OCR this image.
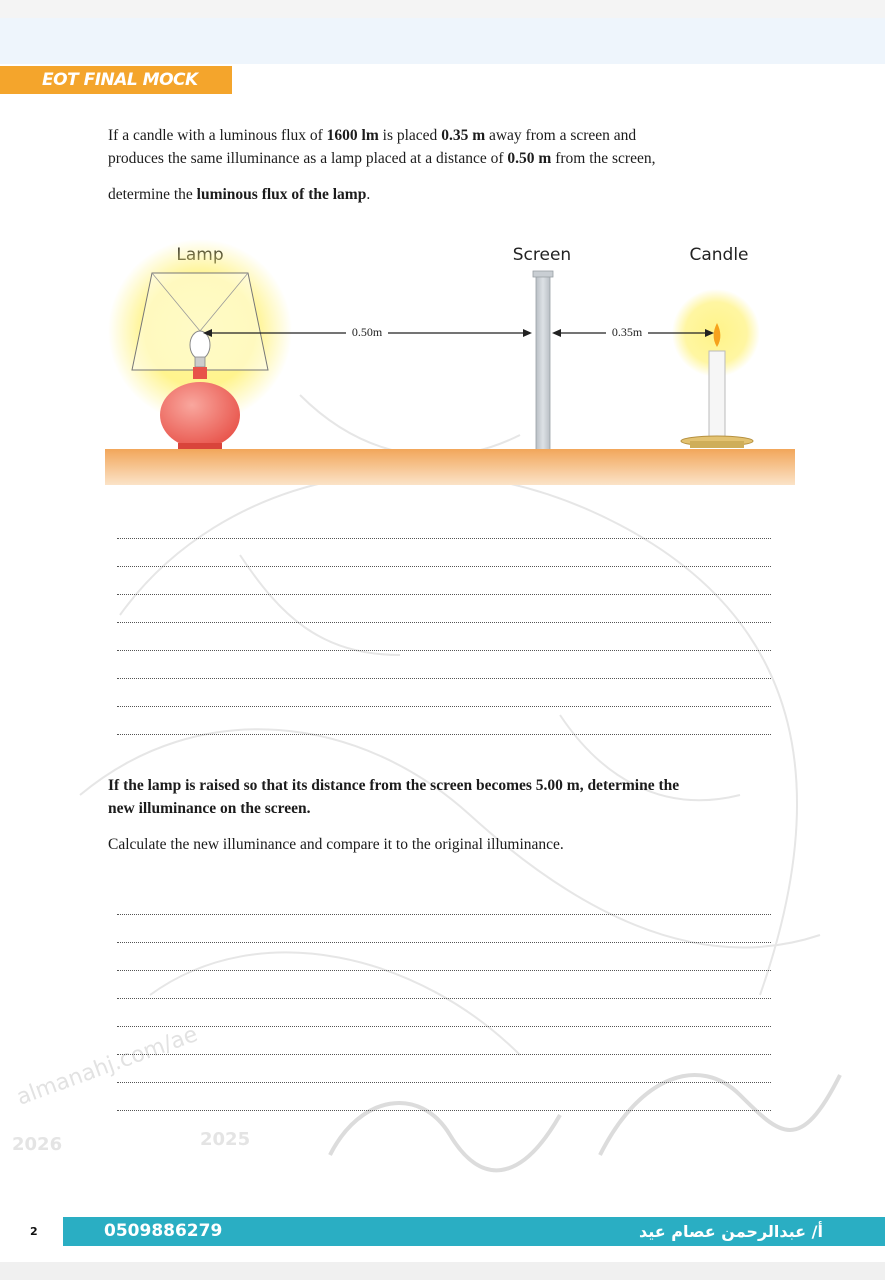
EOT FINAL MOCK EXAM
almanahj.com/ae
2026	2025
If a candle with a luminous flux of 1600 lm is placed 0.35 m away from a screen and
produces the same illuminance as a lamp placed at a distance of 0.50 m from the screen,
determine the luminous flux of the lamp.
Screen	Candle
0.50m	0.35m
If the lamp is raised so that its distance from the screen becomes 5.00 m, determine the
new illuminance on the screen.
Calculate the new illuminance and compare it to the original illuminance.
2	0509886279	أ/ عبدالرحمن عصام عيد
